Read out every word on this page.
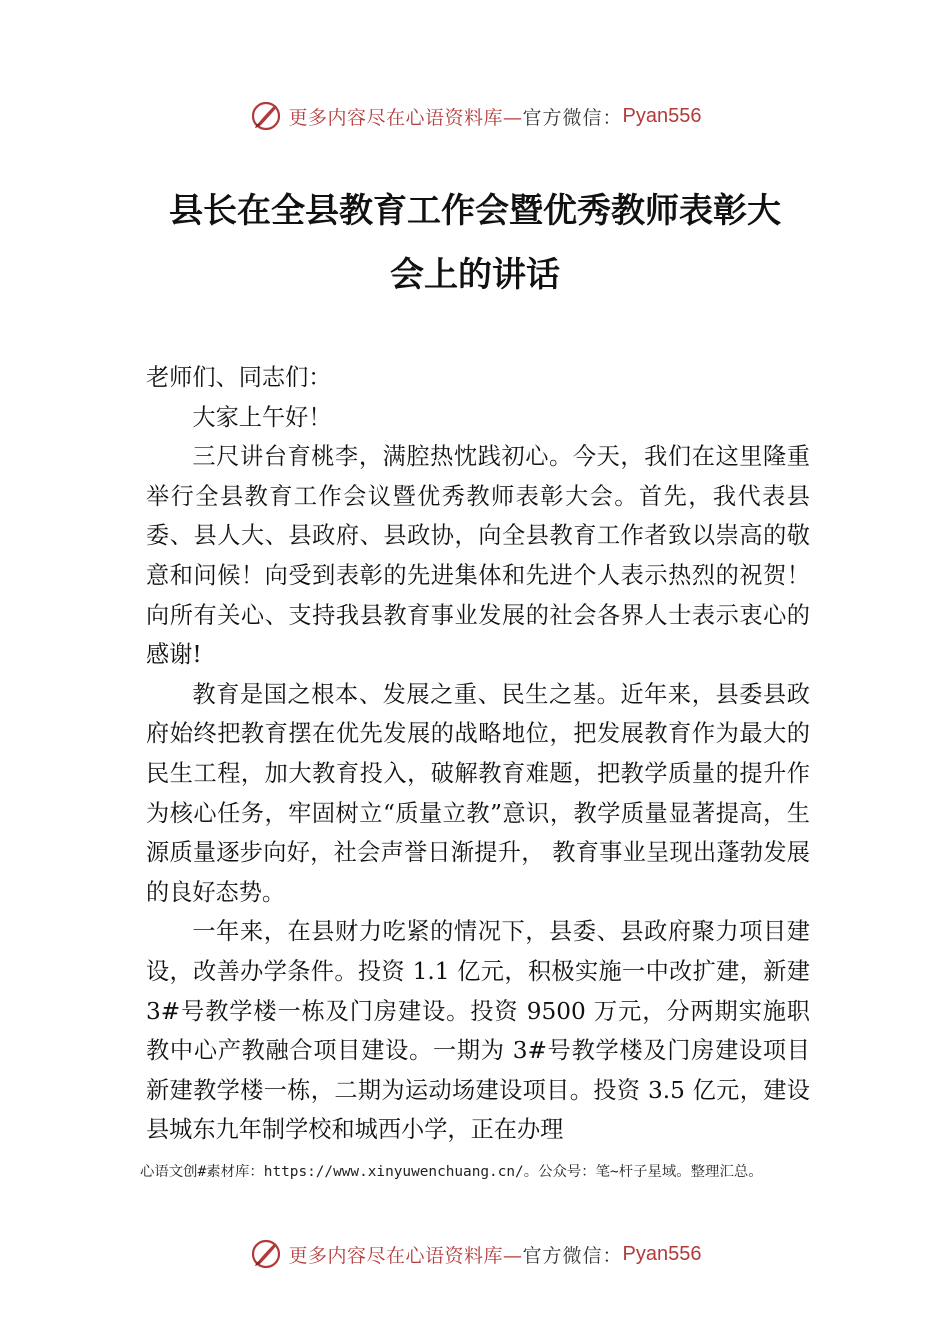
更多内容尽在心语资料库— 官方微信： Pyan556
县长在全县教育工作会暨优秀教师表彰大
会上的讲话

老师们、同志们：

大家上午好！

三尺讲台育桃李，满腔热忱践初心。今天，我们在这里隆重举行全县教育工作会议暨优秀教师表彰大会。首先，我代表县委、县人大、县政府、县政协，向全县教育工作者致以崇高的敬意和问候！向受到表彰的先进集体和先进个人表示热烈的祝贺！向所有关心、支持我县教育事业发展的社会各界人士表示衷心的感谢!

教育是国之根本、发展之重、民生之基。近年来，县委县政府始终把教育摆在优先发展的战略地位，把发展教育作为最大的民生工程，加大教育投入，破解教育难题，把教学质量的提升作为核心任务，牢固树立“质量立教”意识，教学质量显著提高，生源质量逐步向好，社会声誉日渐提升， 教育事业呈现出蓬勃发展的良好态势。

一年来，在县财力吃紧的情况下，县委、县政府聚力项目建设，改善办学条件。投资 1.1 亿元，积极实施一中改扩建，新建 3#号教学楼一栋及门房建设。投资 9500 万元，分两期实施职教中心产教融合项目建设。一期为 3#号教学楼及门房建设项目新建教学楼一栋，二期为运动场建设项目。投资 3.5 亿元，建设县城东九年制学校和城西小学，正在办理

心语文创#素材库：https://www.xinyuwenchuang.cn/。公众号：笔~杆子星域。整理汇总。
更多内容尽在心语资料库— 官方微信： Pyan556
